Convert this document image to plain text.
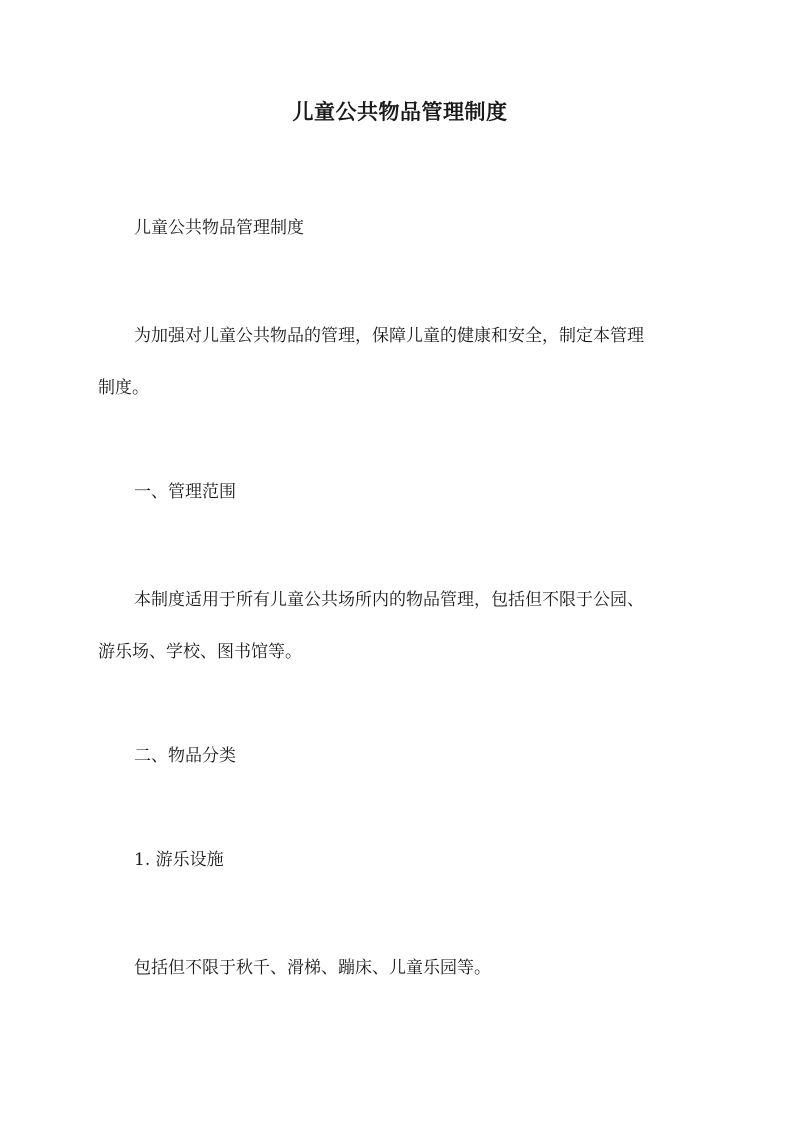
儿童公共物品管理制度
儿童公共物品管理制度
为加强对儿童公共物品的管理，保障儿童的健康和安全，制定本管理
制度。
一、管理范围
本制度适用于所有儿童公共场所内的物品管理，包括但不限于公园、
游乐场、学校、图书馆等。
二、物品分类
1. 游乐设施
包括但不限于秋千、滑梯、蹦床、儿童乐园等。
